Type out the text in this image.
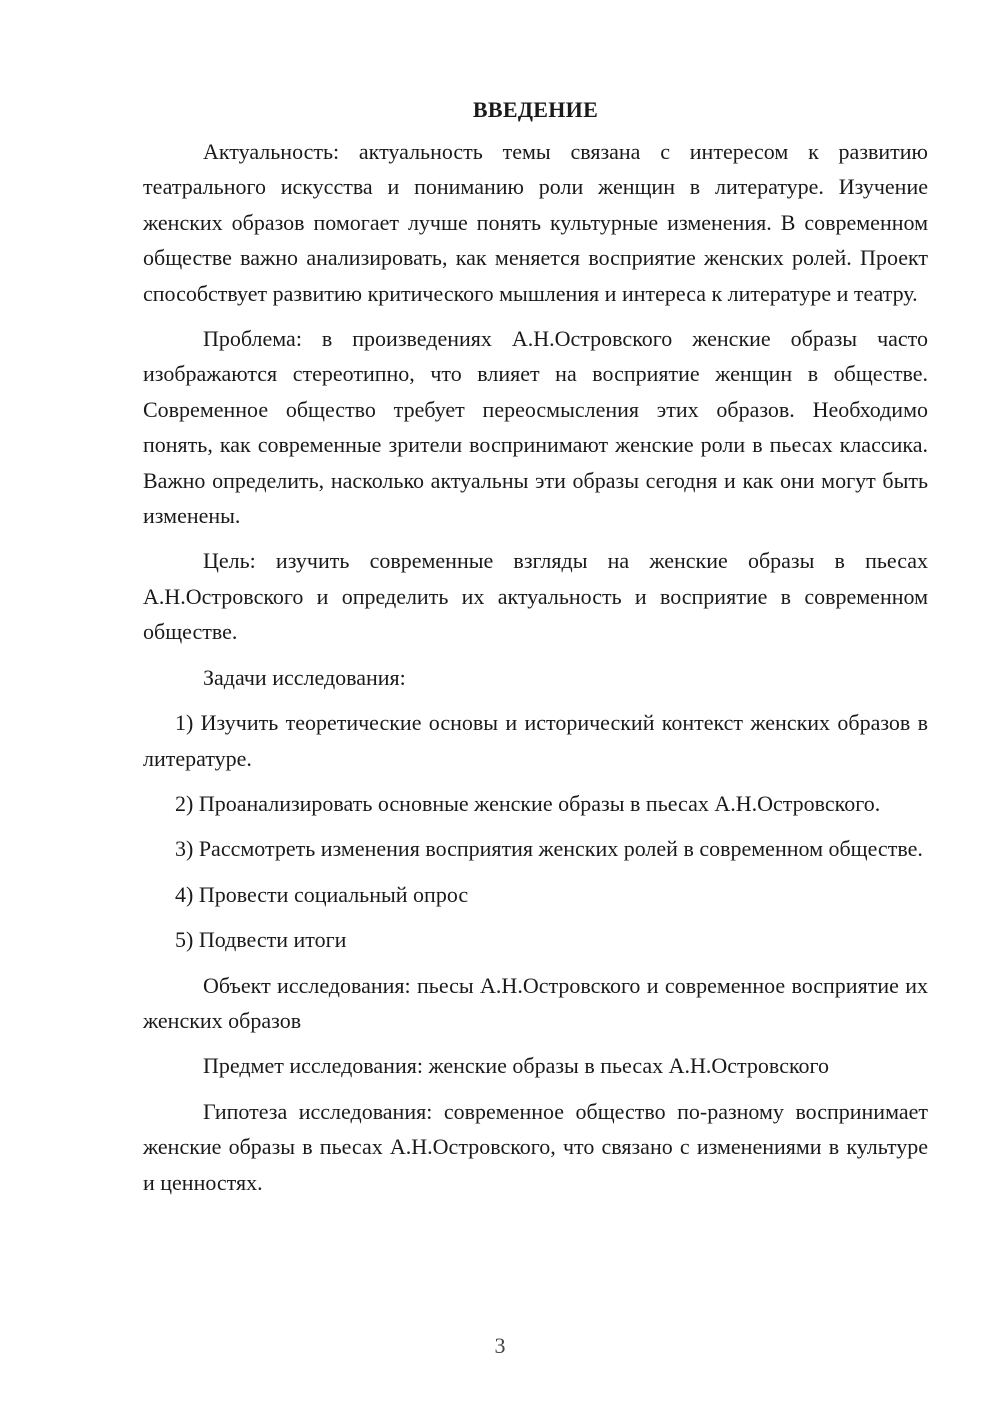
ВВЕДЕНИЕ

Актуальность: актуальность темы связана с интересом к развитию театрального искусства и пониманию роли женщин в литературе. Изучение женских образов помогает лучше понять культурные изменения. В современном обществе важно анализировать, как меняется восприятие женских ролей. Проект способствует развитию критического мышления и интереса к литературе и театру.

Проблема: в произведениях А.Н.Островского женские образы часто изображаются стереотипно, что влияет на восприятие женщин в обществе. Современное общество требует переосмысления этих образов. Необходимо понять, как современные зрители воспринимают женские роли в пьесах классика. Важно определить, насколько актуальны эти образы сегодня и как они могут быть изменены.

Цель: изучить современные взгляды на женские образы в пьесах А.Н.Островского и определить их актуальность и восприятие в современном обществе.

Задачи исследования:

1) Изучить теоретические основы и исторический контекст женских образов в литературе.

2) Проанализировать основные женские образы в пьесах А.Н.Островского.

3) Рассмотреть изменения восприятия женских ролей в современном обществе.

4) Провести социальный опрос

5) Подвести итоги

Объект исследования: пьесы А.Н.Островского и современное восприятие их женских образов

Предмет исследования: женские образы в пьесах А.Н.Островского

Гипотеза исследования: современное общество по-разному воспринимает женские образы в пьесах А.Н.Островского, что связано с изменениями в культуре и ценностях.

3
